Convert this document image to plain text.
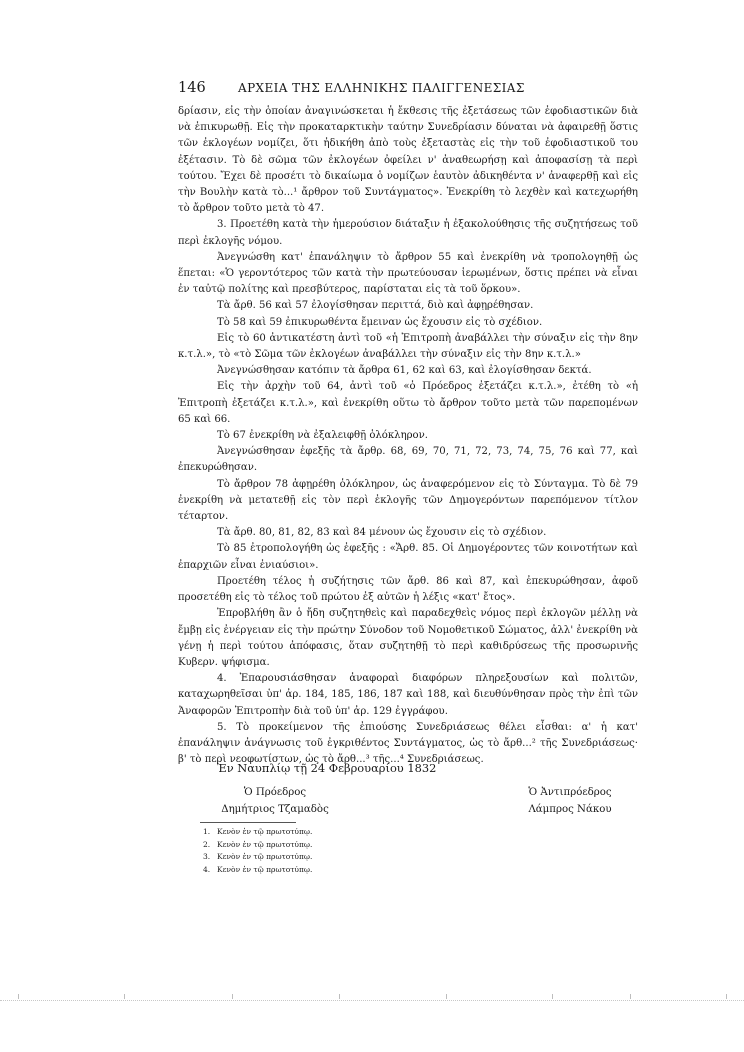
146	ΑΡΧΕΙΑ ΤΗΣ ΕΛΛΗΝΙΚΗΣ ΠΑΛΙΓΓΕΝΕΣΙΑΣ

δρίασιν, εἰς τὴν ὁποίαν ἀναγινώσκεται ἡ ἔκθεσις τῆς ἐξετάσεως τῶν ἐφοδιαστικῶν διὰ νὰ ἐπικυρωθῇ. Εἰς τὴν προκαταρκτικὴν ταύτην Συνεδρίασιν δύναται νὰ ἀφαιρεθῇ ὅστις τῶν ἐκλογέων νομίζει, ὅτι ἠδικήθη ἀπὸ τοὺς ἐξεταστὰς εἰς τὴν τοῦ ἐφοδιαστικοῦ του ἐξέτασιν. Τὸ δὲ σῶμα τῶν ἐκλογέων ὀφείλει ν' ἀναθεωρήσῃ καὶ ἀποφασίσῃ τὰ περὶ τούτου. Ἔχει δὲ προσέτι τὸ δικαίωμα ὁ νομίζων ἑαυτὸν ἀδικηθέντα ν' ἀναφερθῇ καὶ εἰς τὴν Βουλὴν κατὰ τὸ...¹ ἄρθρον τοῦ Συντάγματος». Ἐνεκρίθη τὸ λεχθὲν καὶ κατεχωρήθη τὸ ἄρθρον τοῦτο μετὰ τὸ 47.

3. Προετέθη κατὰ τὴν ἡμερούσιον διάταξιν ἡ ἐξακολούθησις τῆς συζητήσεως τοῦ περὶ ἐκλογῆς νόμου.

Ἀνεγνώσθη κατ' ἐπανάληψιν τὸ ἄρθρον 55 καὶ ἐνεκρίθη νὰ τροπολογηθῇ ὡς ἕπεται: «Ὁ γεροντότερος τῶν κατὰ τὴν πρωτεύουσαν ἱερωμένων, ὅστις πρέπει νὰ εἶναι ἐν ταὐτῷ πολίτης καὶ πρεσβύτερος, παρίσταται εἰς τὰ τοῦ ὅρκου».

Τὰ ἄρθ. 56 καὶ 57 ἐλογίσθησαν περιττά, διὸ καὶ ἀφῃρέθησαν.

Τὸ 58 καὶ 59 ἐπικυρωθέντα ἔμειναν ὡς ἔχουσιν εἰς τὸ σχέδιον.

Εἰς τὸ 60 ἀντικατέστη ἀντὶ τοῦ «ἡ Ἐπιτροπὴ ἀναβάλλει τὴν σύναξιν εἰς τὴν 8ην κ.τ.λ.», τὸ «τὸ Σῶμα τῶν ἐκλογέων ἀναβάλλει τὴν σύναξιν εἰς τὴν 8ην κ.τ.λ.»

Ἀνεγνώσθησαν κατόπιν τὰ ἄρθρα 61, 62 καὶ 63, καὶ ἐλογίσθησαν δεκτά.

Εἰς τὴν ἀρχὴν τοῦ 64, ἀντὶ τοῦ «ὁ Πρόεδρος ἐξετάζει κ.τ.λ.», ἐτέθη τὸ «ἡ Ἐπιτροπὴ ἐξετάζει κ.τ.λ.», καὶ ἐνεκρίθη οὕτω τὸ ἄρθρον τοῦτο μετὰ τῶν παρεπομένων 65 καὶ 66.

Τὸ 67 ἐνεκρίθη νὰ ἐξαλειφθῇ ὁλόκληρον.

Ἀνεγνώσθησαν ἐφεξῆς τὰ ἄρθρ. 68, 69, 70, 71, 72, 73, 74, 75, 76 καὶ 77, καὶ ἐπεκυρώθησαν.

Τὸ ἄρθρον 78 ἀφῃρέθη ὁλόκληρον, ὡς ἀναφερόμενον εἰς τὸ Σύνταγμα. Τὸ δὲ 79 ἐνεκρίθη νὰ μετατεθῇ εἰς τὸν περὶ ἐκλογῆς τῶν Δημογερόντων παρεπόμενον τίτλον τέταρτον.

Τὰ ἄρθ. 80, 81, 82, 83 καὶ 84 μένουν ὡς ἔχουσιν εἰς τὸ σχέδιον.

Τὸ 85 ἐτροπολογήθη ὡς ἐφεξῆς : «Ἄρθ. 85. Οἱ Δημογέροντες τῶν κοινοτήτων καὶ ἐπαρχιῶν εἶναι ἐνιαύσιοι».

Προετέθη τέλος ἡ συζήτησις τῶν ἄρθ. 86 καὶ 87, καὶ ἐπεκυρώθησαν, ἀφοῦ προσετέθη εἰς τὸ τέλος τοῦ πρώτου ἐξ αὐτῶν ἡ λέξις «κατ' ἔτος».

Ἐπροβλήθη ἂν ὁ ἤδη συζητηθεὶς καὶ παραδεχθεὶς νόμος περὶ ἐκλογῶν μέλλῃ νὰ ἔμβῃ εἰς ἐνέργειαν εἰς τὴν πρώτην Σύνοδον τοῦ Νομοθετικοῦ Σώματος, ἀλλ' ἐνεκρίθη νὰ γένῃ ἡ περὶ τούτου ἀπόφασις, ὅταν συζητηθῇ τὸ περὶ καθιδρύσεως τῆς προσωρινῆς Κυβερν. ψήφισμα.

4. Ἐπαρουσιάσθησαν ἀναφοραὶ διαφόρων πληρεξουσίων καὶ πολιτῶν, καταχωρηθεῖσαι ὑπ' ἀρ. 184, 185, 186, 187 καὶ 188, καὶ διευθύνθησαν πρὸς τὴν ἐπὶ τῶν Ἀναφορῶν Ἐπιτροπὴν διὰ τοῦ ὑπ' ἀρ. 129 ἐγγράφου.

5. Τὸ προκείμενον τῆς ἐπιούσης Συνεδριάσεως θέλει εἶσθαι: α' ἡ κατ' ἐπανάληψιν ἀνάγνωσις τοῦ ἐγκριθέντος Συντάγματος, ὡς τὸ ἄρθ...² τῆς Συνεδριάσεως· β' τὸ περὶ νεοφωτίστων, ὡς τὸ ἄρθ...³ τῆς...⁴ Συνεδριάσεως.

Ἐν Ναυπλίῳ τῇ 24 Φεβρουαρίου 1832
Ὁ Πρόεδρος
Δημήτριος Τζαμαδὸς
Ὁ Ἀντιπρόεδρος
Λάμπρος Νάκου
1. Κενὸν ἐν τῷ πρωτοτύπῳ.
2. Κενὸν ἐν τῷ πρωτοτύπῳ.
3. Κενὸν ἐν τῷ πρωτοτύπῳ.
4. Κενὸν ἐν τῷ πρωτοτύπῳ.
